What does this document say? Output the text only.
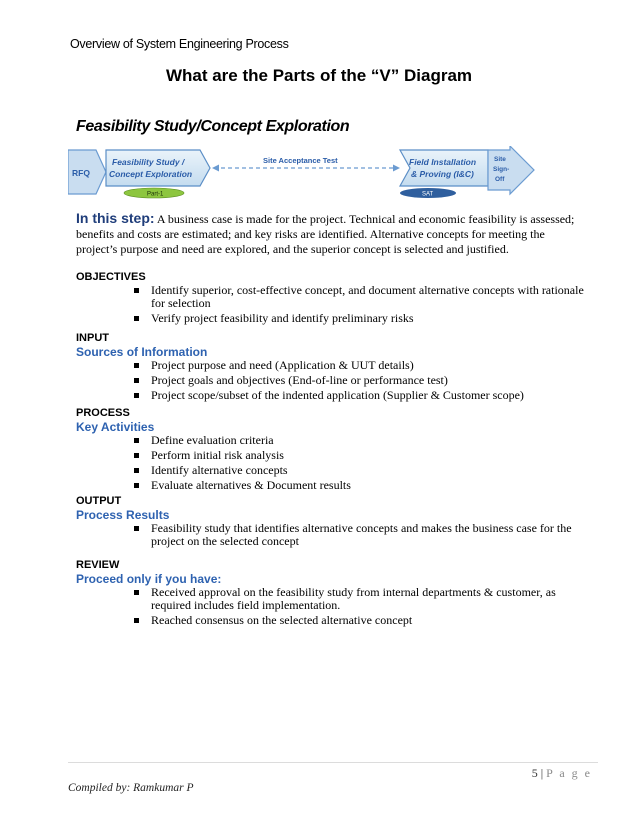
Overview of System Engineering Process
What are the Parts of the “V” Diagram
Feasibility Study/Concept Exploration
RFQ
Feasibility Study /
Concept Exploration
Part-1
Site Acceptance Test	Field Installation
& Proving (I&C)
SAT
Site
Sign-
Off
In this step: A business case is made for the project. Technical and economic feasibility is assessed; benefits and costs are estimated; and key risks are identified. Alternative concepts for meeting the project’s purpose and need are explored, and the superior concept is selected and justified.
OBJECTIVES
Identify superior, cost-effective concept, and document alternative concepts with rationale for selection
Verify project feasibility and identify preliminary risks
INPUT
Sources of Information
Project purpose and need (Application & UUT details)
Project goals and objectives (End-of-line or performance test)
Project scope/subset of the indented application (Supplier & Customer scope)
PROCESS
Key Activities
Define evaluation criteria
Perform initial risk analysis
Identify alternative concepts
Evaluate alternatives & Document results
OUTPUT
Process Results
Feasibility study that identifies alternative concepts and makes the business case for the project on the selected concept
REVIEW
Proceed only if you have:
Received approval on the feasibility study from internal departments & customer, as required includes field implementation.
Reached consensus on the selected alternative concept
5 | P a g e
Compiled by: Ramkumar P
